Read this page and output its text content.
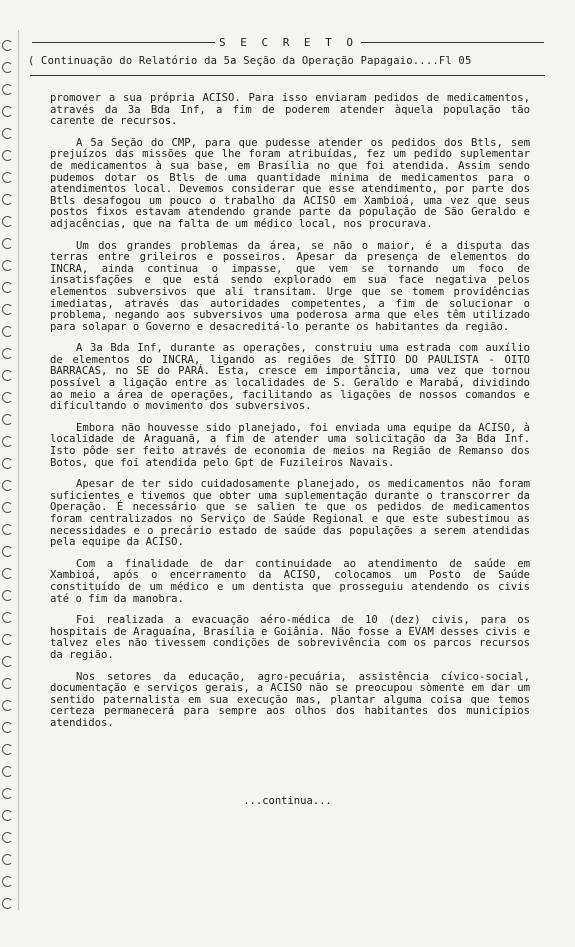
S E C R E T O
( Continuação do Relatório da 5a Seção da Operação Papagaio....Fl 05

promover a sua própria ACISO. Para isso enviaram pedidos de medicamentos, através da 3a Bda Inf, a fim de poderem atender àquela população tão carente de recursos.

A 5a Seção do CMP, para que pudesse atender os pedidos dos Btls, sem prejuízos das missões que lhe foram atribuídas, fez um pedido suplementar de medicamentos à sua base, em Brasília no que foi atendida. Assim sendo pudemos dotar os Btls de uma quantidade mínima de medicamentos para o atendimentos local. Devemos considerar que esse atendimento, por parte dos Btls desafogou um pouco o trabalho da ACISO em Xambioá, uma vez que seus postos fixos estavam atendendo grande parte da população de São Geraldo e adjacências, que na falta de um médico local, nos procurava.

Um dos grandes problemas da área, se não o maior, é a disputa das terras entre grileiros e posseiros. Apesar da presença de elementos do INCRA, ainda continua o impasse, que vem se tornando um foco de insatisfações e que está sendo explorado em sua face negativa pelos elementos subversivos que ali transitam. Urge que se tomem providências imediatas, através das autoridades competentes, a fim de solucionar o problema, negando aos subversivos uma poderosa arma que eles têm utilizado para solapar o Governo e desacreditá-lo perante os habitantes da região.

A 3a Bda Inf, durante as operações, construiu uma estrada com auxílio de elementos do INCRA, ligando as regiões de SÍTIO DO PAULISTA - OITO BARRACAS, no SE do PARÁ. Esta, cresce em importância, uma vez que tornou possível a ligação entre as localidades de S. Geraldo e Marabá, dividindo ao meio a área de operações, facilitando as ligações de nossos comandos e dificultando o movimento dos subversivos.

Embora não houvesse sido planejado, foi enviada uma equipe da ACISO, à localidade de Araguanã, a fim de atender uma solicitação da 3a Bda Inf. Isto pôde ser feito através de economia de meios na Região de Remanso dos Botos, que foi atendida pelo Gpt de Fuzileiros Navais.

Apesar de ter sido cuidadosamente planejado, os medicamentos não foram suficientes e tivemos que obter uma suplementação durante o transcorrer da Operação. É necessário que se salien te que os pedidos de medicamentos foram centralizados no Serviço de Saúde Regional e que este subestimou as necessidades e o precário estado de saúde das populações a serem atendidas pela equipe da ACISO.

Com a finalidade de dar continuidade ao atendimento de saúde em Xambioá, após o encerramento da ACISO, colocamos um Posto de Saúde constituído de um médico e um dentista que prosseguiu atendendo os civis até o fim da manobra.

Foi realizada a evacuação aéro-médica de 10 (dez) civis, para os hospitais de Araguaína, Brasília e Goiânia. Não fosse a EVAM desses civis e talvez eles não tivessem condições de sobrevivência com os parcos recursos da região.

Nos setores da educação, agro-pecuária, assistência cívico-social, documentação e serviços gerais, a ACISO não se preocupou sòmente em dar um sentido paternalista em sua execução mas, plantar alguma coisa que temos certeza permanecerá para sempre aos olhos dos habitantes dos municípios atendidos.

...continua...
